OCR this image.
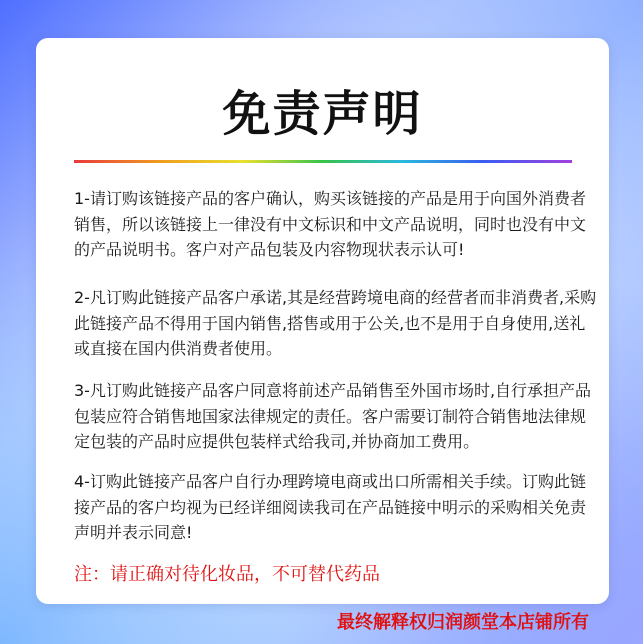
免责声明

1-请订购该链接产品的客户确认，购买该链接的产品是用于向国外消费者销售，所以该链接上一律没有中文标识和中文产品说明，同时也没有中文的产品说明书。客户对产品包装及内容物现状表示认可!

2-凡订购此链接产品客户承诺,其是经营跨境电商的经营者而非消费者,采购此链接产品不得用于国内销售,搭售或用于公关,也不是用于自身使用,送礼或直接在国内供消费者使用。

3-凡订购此链接产品客户同意将前述产品销售至外国市场时,自行承担产品包装应符合销售地国家法律规定的责任。客户需要订制符合销售地法律规定包装的产品时应提供包装样式给我司,并协商加工费用。

4-订购此链接产品客户自行办理跨境电商或出口所需相关手续。订购此链接产品的客户均视为已经详细阅读我司在产品链接中明示的采购相关免责声明并表示同意!

注：请正确对待化妆品，不可替代药品
最终解释权归润颜堂本店铺所有
